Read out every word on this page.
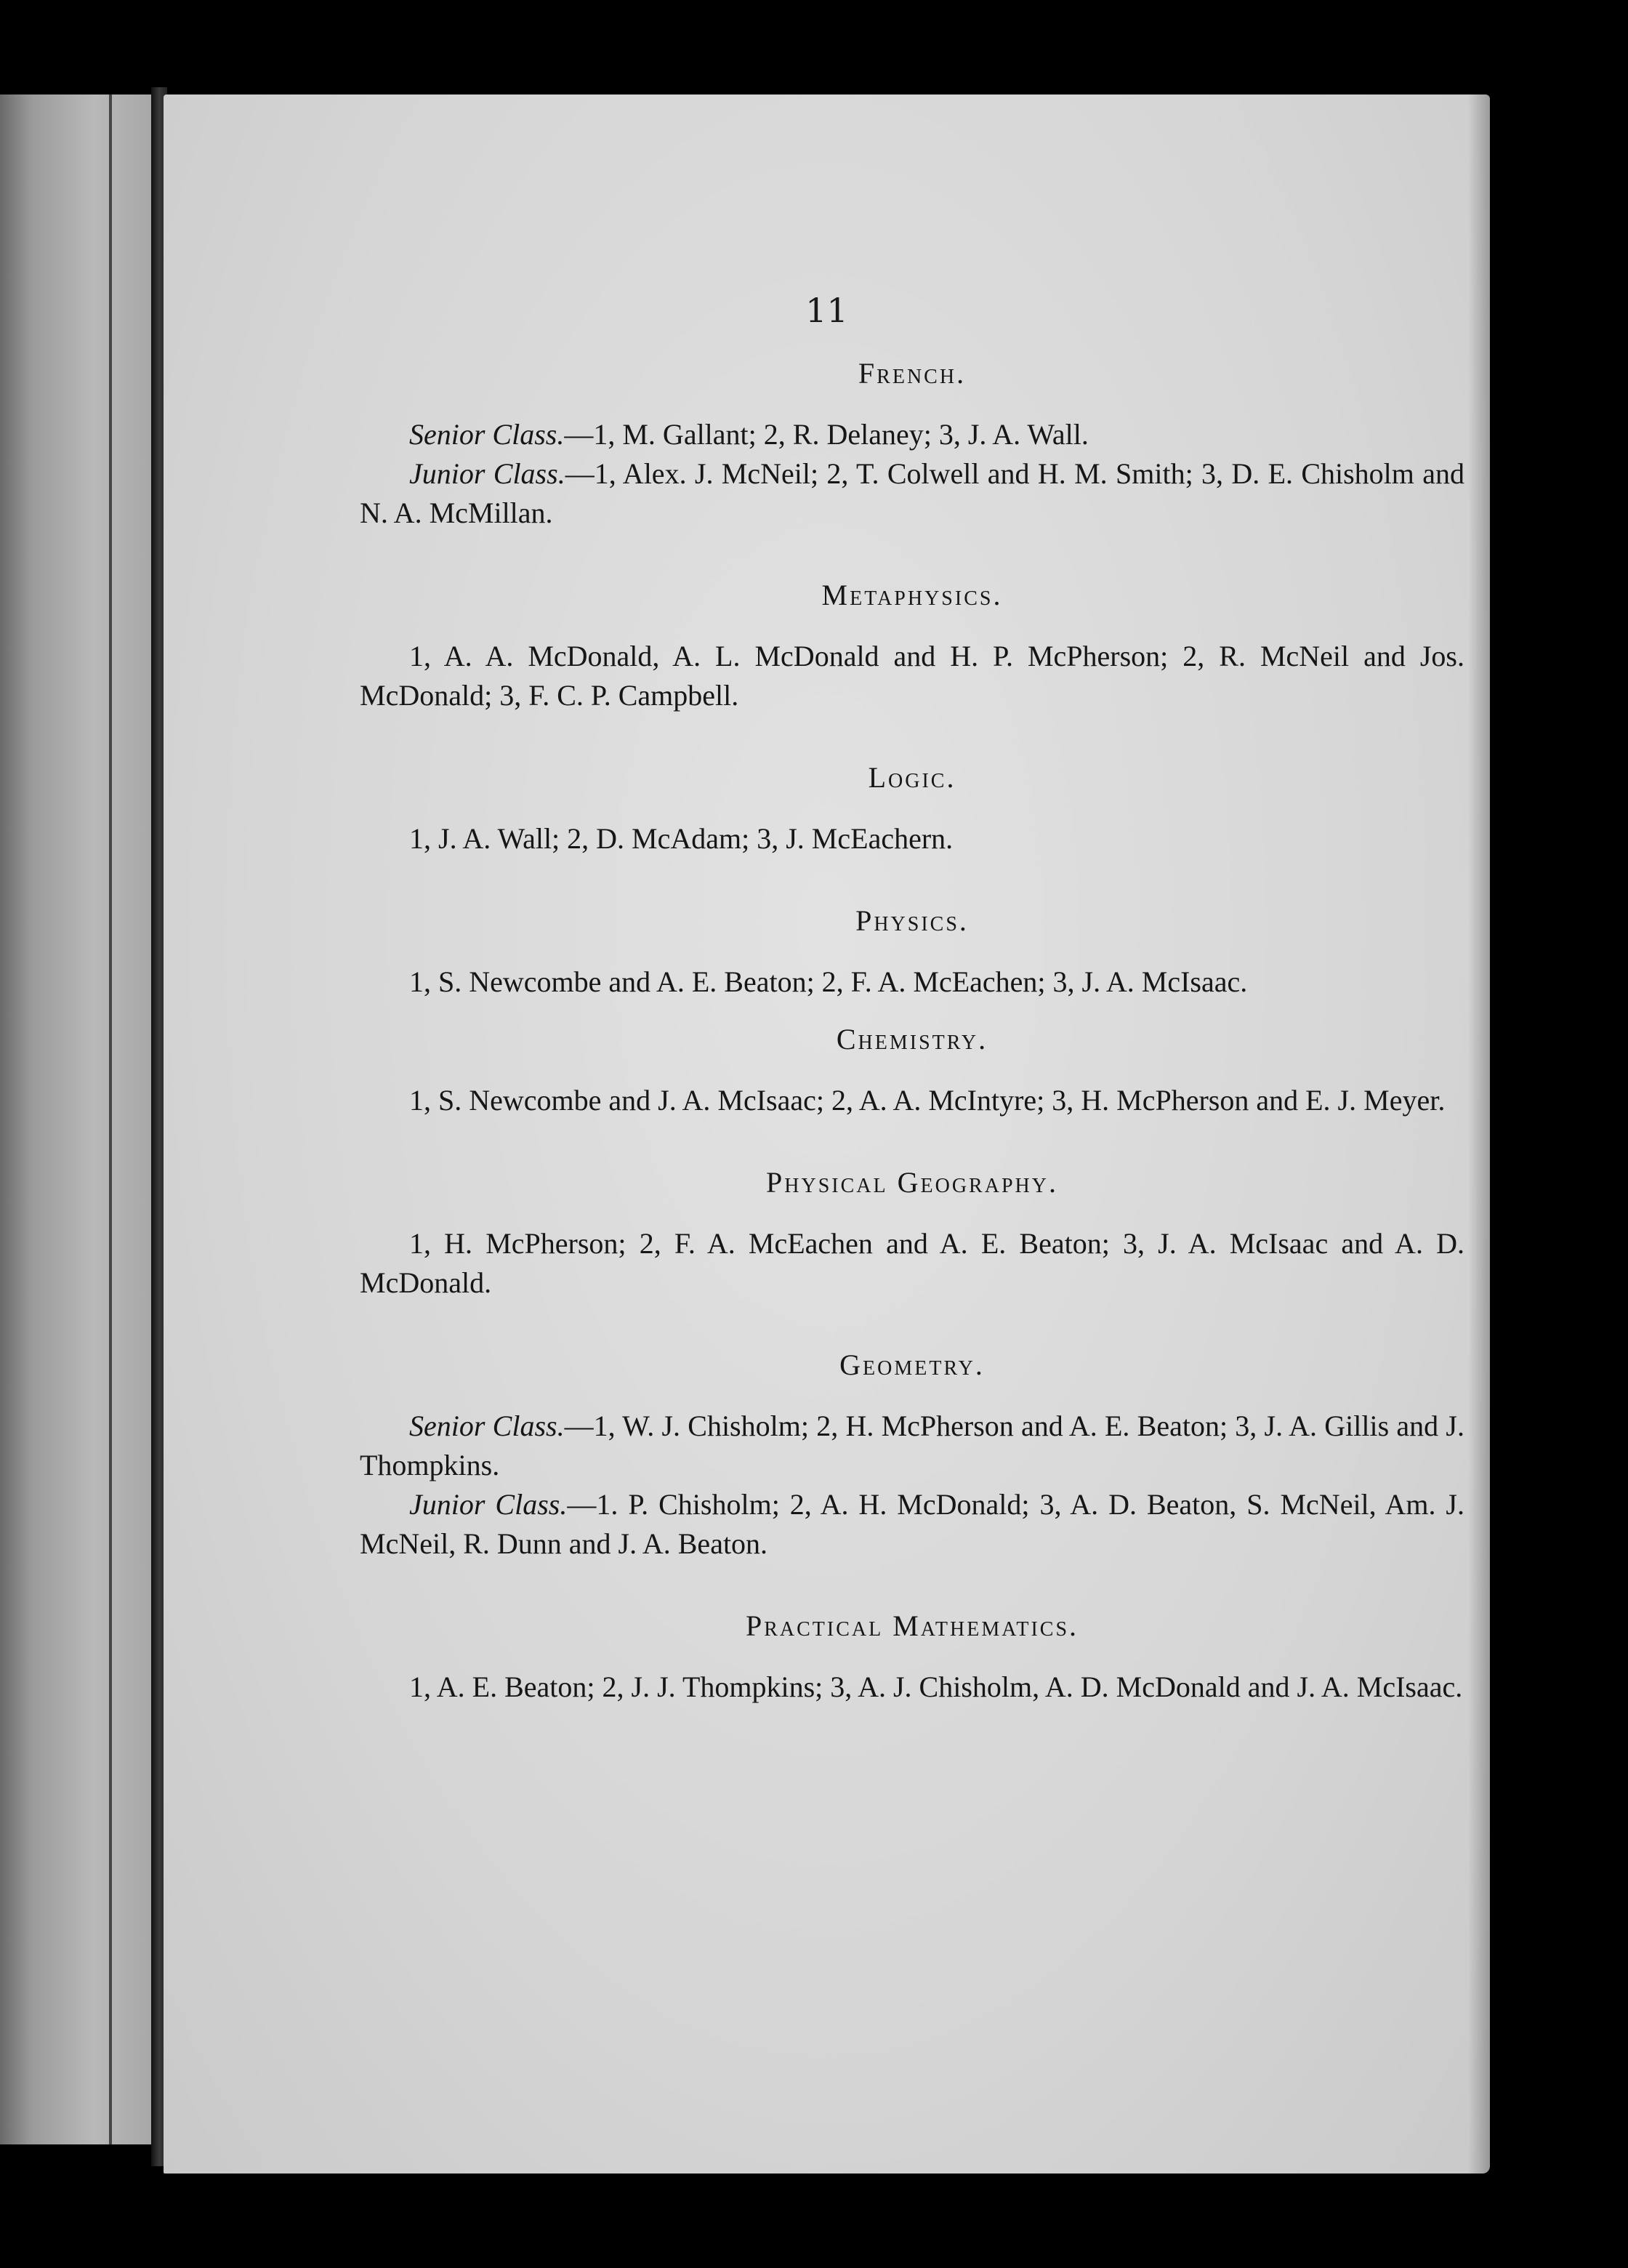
11
French.

Senior Class.—1, M. Gallant; 2, R. Delaney; 3, J. A. Wall.

Junior Class.—1, Alex. J. McNeil; 2, T. Colwell and H. M. Smith; 3, D. E. Chisholm and N. A. McMillan.

Metaphysics.

1, A. A. McDonald, A. L. McDonald and H. P. McPherson; 2, R. McNeil and Jos. McDonald; 3, F. C. P. Campbell.

Logic.

1, J. A. Wall; 2, D. McAdam; 3, J. McEachern.

Physics.

1, S. Newcombe and A. E. Beaton; 2, F. A. McEachen; 3, J. A. McIsaac.

Chemistry.

1, S. Newcombe and J. A. McIsaac; 2, A. A. McIntyre; 3, H. McPherson and E. J. Meyer.

Physical Geography.

1, H. McPherson; 2, F. A. McEachen and A. E. Beaton; 3, J. A. McIsaac and A. D. McDonald.

Geometry.

Senior Class.—1, W. J. Chisholm; 2, H. McPherson and A. E. Beaton; 3, J. A. Gillis and J. Thompkins.

Junior Class.—1. P. Chisholm; 2, A. H. McDonald; 3, A. D. Beaton, S. McNeil, Am. J. McNeil, R. Dunn and J. A. Beaton.

Practical Mathematics.

1, A. E. Beaton; 2, J. J. Thompkins; 3, A. J. Chisholm, A. D. McDonald and J. A. McIsaac.
